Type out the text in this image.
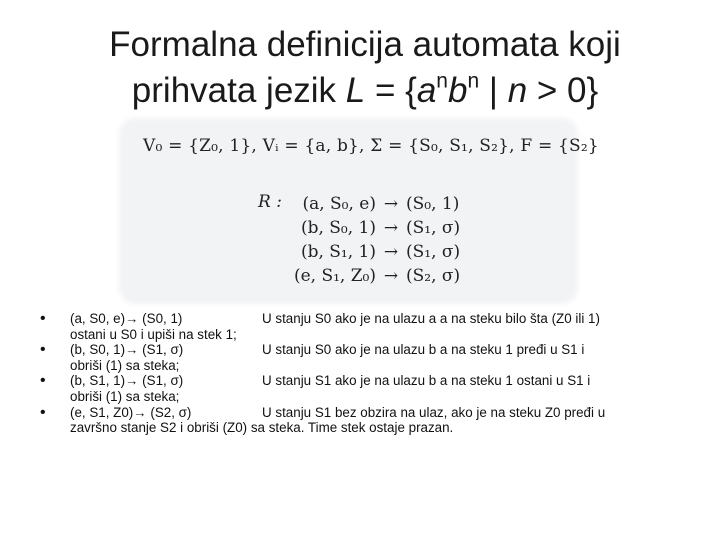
Formalna definicija automata koji
prihvata jezik $L = \{a^nb^n$ | n > 0}
V₀ = {Z₀, 1}, Vᵢ = {a, b}, Σ = {S₀, S₁, S₂}, F = {S₂}
R :	(a, S₀, e) → (S₀, 1)
(b, S₀, 1) → (S₁, σ)
(b, S₁, 1) → (S₁, σ)
(e, S₁, Z₀) → (S₂, σ)
• (a, S0, e)→ (S0, 1)	U stanju S0 ako je na ulazu a a na steku bilo šta (Z0 ili 1)
ostani u S0 i upiši na stek 1;
• (b, S0, 1)→ (S1, σ)	U stanju S0 ako je na ulazu b a na steku 1 pređi u S1 i
obriši (1) sa steka;
• (b, S1, 1)→ (S1, σ)	U stanju S1 ako je na ulazu b a na steku 1 ostani u S1 i
obriši (1) sa steka;
• (e, S1, Z0)→ (S2, σ)	U stanju S1 bez obzira na ulaz, ako je na steku Z0 pređi u
završno stanje S2 i obriši (Z0) sa steka. Time stek ostaje prazan.
